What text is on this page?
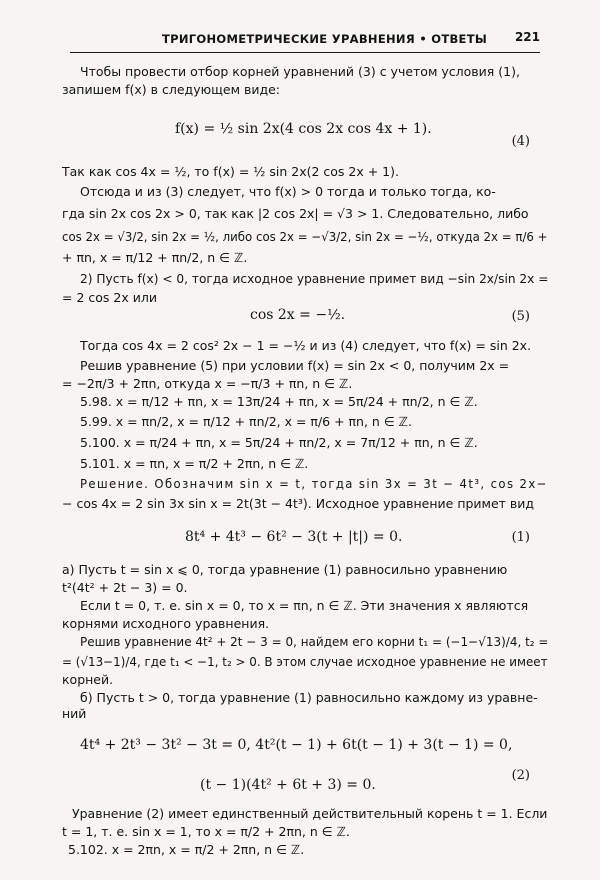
ТРИГОНОМЕТРИЧЕСКИЕ УРАВНЕНИЯ • ОТВЕТЫ 221
Чтобы провести отбор корней уравнений (3) с учетом условия (1),
запишем f(x) в следующем виде:
f(x) = ½ sin 2x(4 cos 2x cos 4x + 1).
(4)
Так как cos 4x = ½, то f(x) = ½ sin 2x(2 cos 2x + 1).
Отсюда и из (3) следует, что f(x) > 0 тогда и только тогда, ко-
гда sin 2x cos 2x > 0, так как |2 cos 2x| = √3 > 1. Следовательно, либо
cos 2x = √3/2, sin 2x = ½, либо cos 2x = −√3/2, sin 2x = −½, откуда 2x = π/6 +
+ πn, x = π/12 + πn/2, n ∈ ℤ.
2) Пусть f(x) < 0, тогда исходное уравнение примет вид −sin 2x/sin 2x =
= 2 cos 2x или
cos 2x = −½.	(5)
Тогда cos 4x = 2 cos² 2x − 1 = −½ и из (4) следует, что f(x) = sin 2x.
Решив уравнение (5) при условии f(x) = sin 2x < 0, получим 2x =
= −2π/3 + 2πn, откуда x = −π/3 + πn, n ∈ ℤ.
5.98. x = π/12 + πn, x = 13π/24 + πn, x = 5π/24 + πn/2, n ∈ ℤ.
5.99. x = πn/2, x = π/12 + πn/2, x = π/6 + πn, n ∈ ℤ.
5.100. x = π/24 + πn, x = 5π/24 + πn/2, x = 7π/12 + πn, n ∈ ℤ.
5.101. x = πn, x = π/2 + 2πn, n ∈ ℤ.
Решение. Обозначим sin x = t, тогда sin 3x = 3t − 4t³, cos 2x−
− cos 4x = 2 sin 3x sin x = 2t(3t − 4t³). Исходное уравнение примет вид
8t⁴ + 4t³ − 6t² − 3(t + |t|) = 0.	(1)
а) Пусть t = sin x ⩽ 0, тогда уравнение (1) равносильно уравнению
t²(4t² + 2t − 3) = 0.
Если t = 0, т. е. sin x = 0, то x = πn, n ∈ ℤ. Эти значения x являются
корнями исходного уравнения.
Решив уравнение 4t² + 2t − 3 = 0, найдем его корни t₁ = (−1−√13)/4, t₂ =
= (√13−1)/4, где t₁ < −1, t₂ > 0. В этом случае исходное уравнение не имеет
корней.
б) Пусть t > 0, тогда уравнение (1) равносильно каждому из уравне-
ний
4t⁴ + 2t³ − 3t² − 3t = 0, 4t²(t − 1) + 6t(t − 1) + 3(t − 1) = 0,
(t − 1)(4t² + 6t + 3) = 0.
(2)
Уравнение (2) имеет единственный действительный корень t = 1. Если
t = 1, т. е. sin x = 1, то x = π/2 + 2πn, n ∈ ℤ.
5.102. x = 2πn, x = π/2 + 2πn, n ∈ ℤ.
